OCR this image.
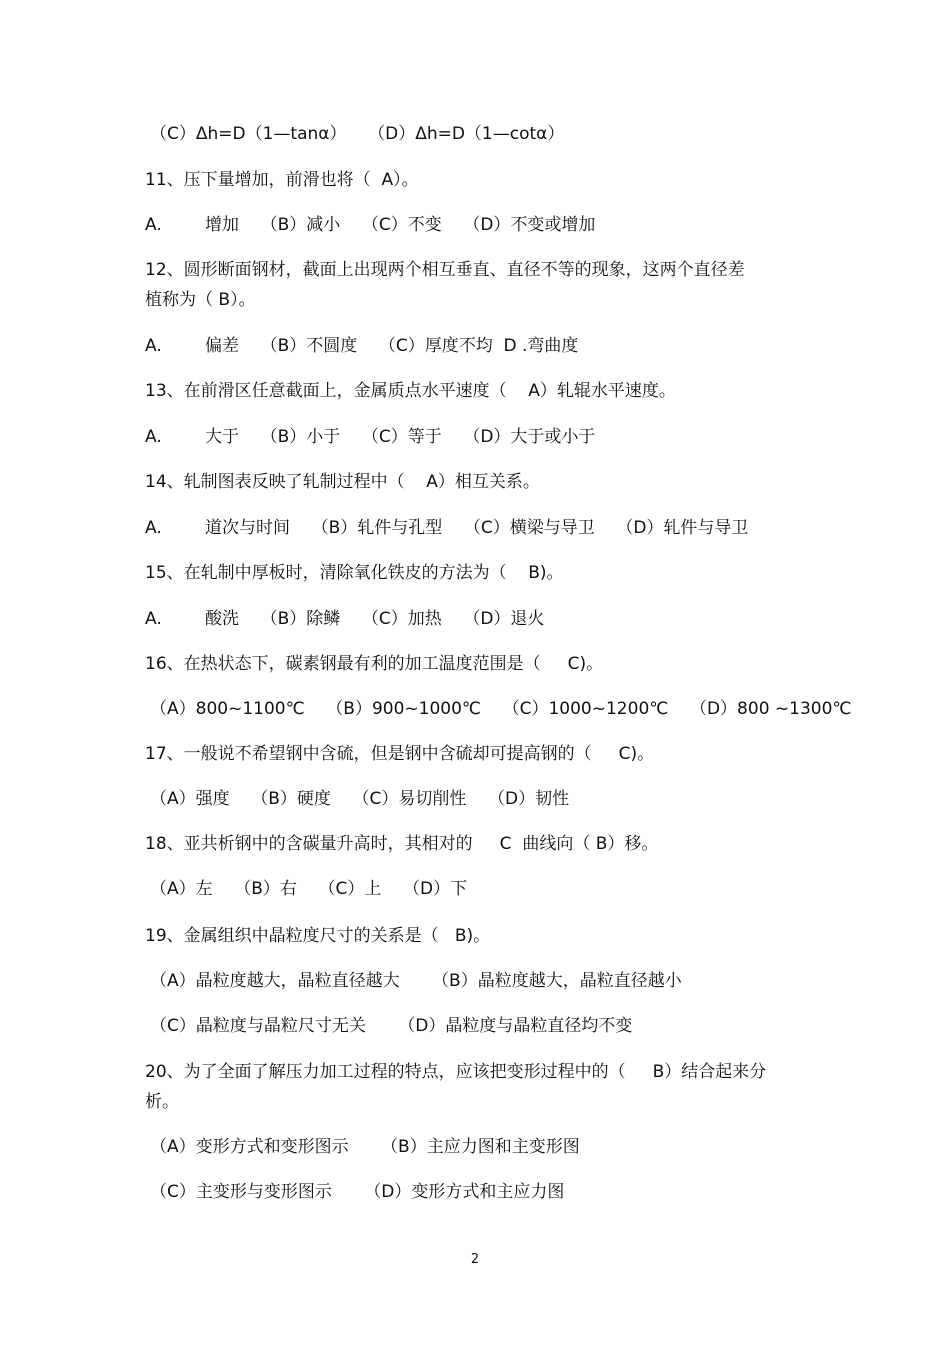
（C）Δh=D（1—tanα）    （D）Δh=D（1—cotα）
11、压下量增加，前滑也将（  A）。
A.        增加    （B）减小    （C）不变    （D）不变或增加
12、圆形断面钢材，截面上出现两个相互垂直、直径不等的现象，这两个直径差
植称为（ B）。
A.        偏差    （B）不圆度    （C）厚度不均  D .弯曲度
13、在前滑区任意截面上，金属质点水平速度（    A）轧辊水平速度。
A.        大于    （B）小于    （C）等于    （D）大于或小于
14、轧制图表反映了轧制过程中（    A）相互关系。
A.        道次与时间    （B）轧件与孔型    （C）横梁与导卫    （D）轧件与导卫
15、在轧制中厚板时，清除氧化铁皮的方法为（    B)。
A.        酸洗    （B）除鳞    （C）加热    （D）退火
16、在热状态下，碳素钢最有利的加工温度范围是（     C)。
（A）800~1100℃    （B）900~1000℃    （C）1000~1200℃    （D）800 ~1300℃
17、一般说不希望钢中含硫，但是钢中含硫却可提高钢的（     C)。
（A）强度    （B）硬度    （C）易切削性    （D）韧性
18、亚共析钢中的含碳量升高时，其相对的     C  曲线向（ B）移。
（A）左    （B）右    （C）上    （D）下
19、金属组织中晶粒度尺寸的关系是（   B)。
（A）晶粒度越大，晶粒直径越大      （B）晶粒度越大，晶粒直径越小
（C）晶粒度与晶粒尺寸无关      （D）晶粒度与晶粒直径均不变
20、为了全面了解压力加工过程的特点，应该把变形过程中的（     B）结合起来分
析。
（A）变形方式和变形图示      （B）主应力图和主变形图
（C）主变形与变形图示      （D）变形方式和主应力图
2
